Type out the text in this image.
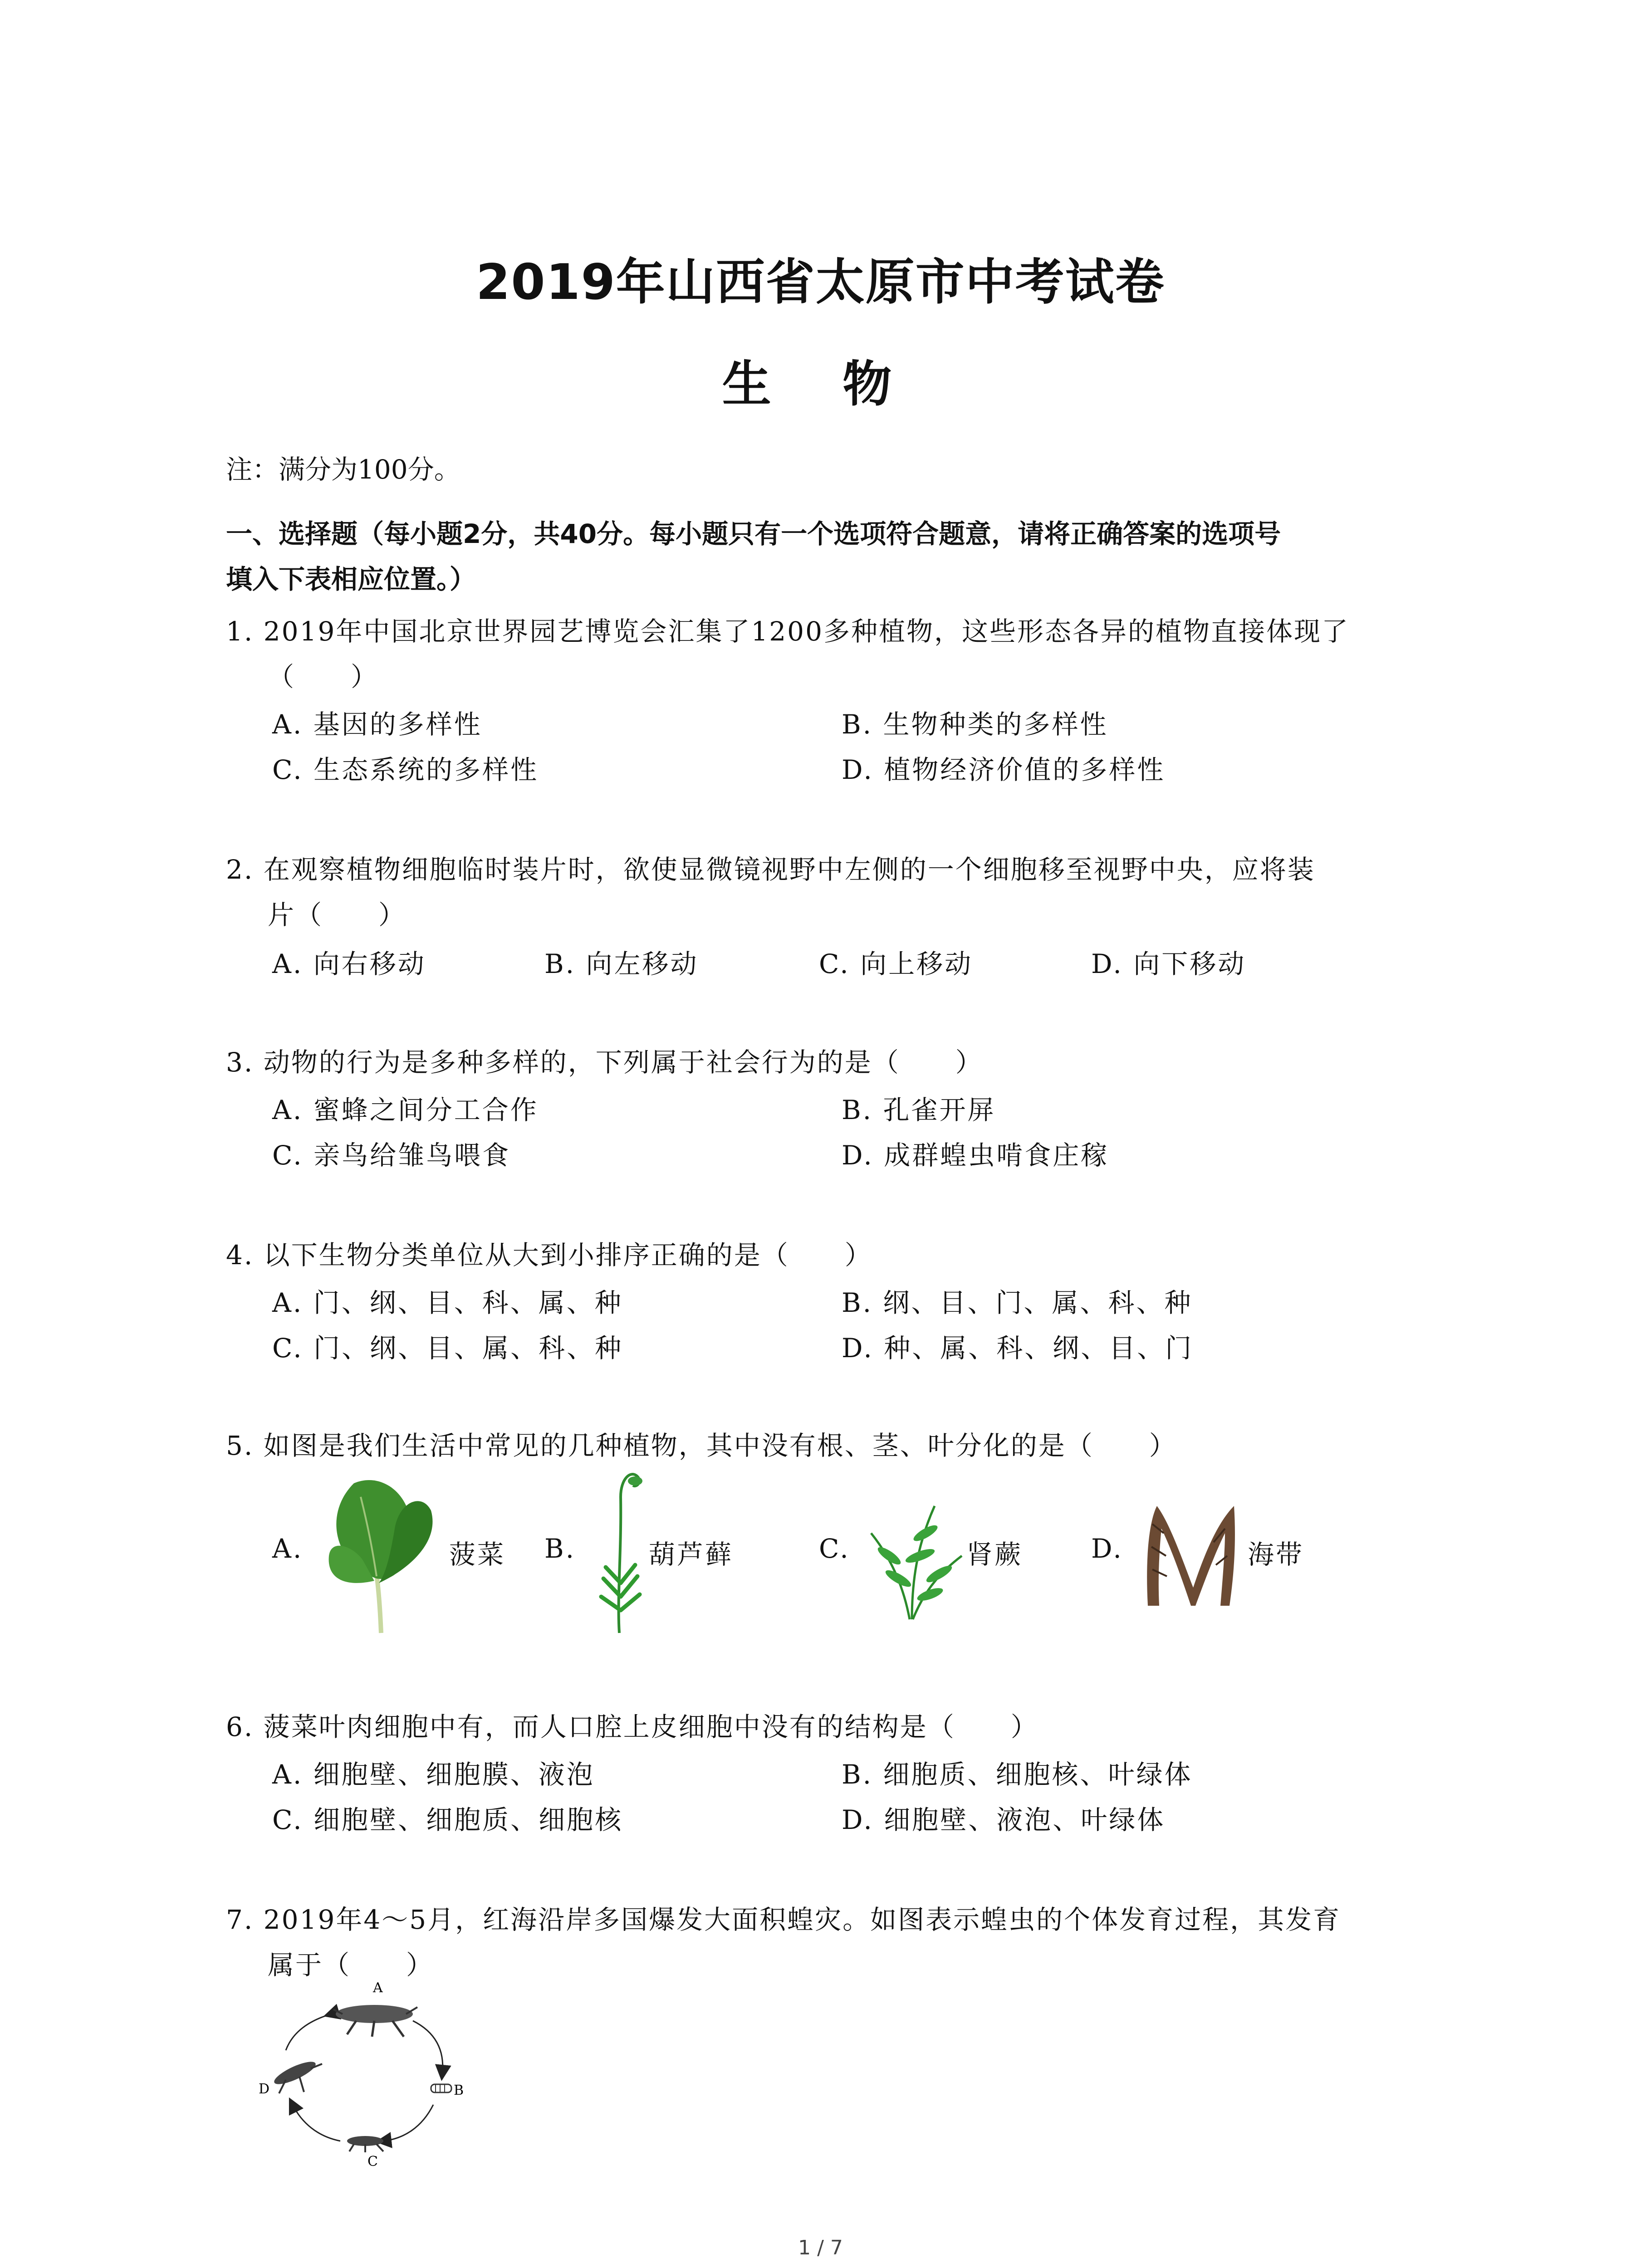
2019年山西省太原市中考试卷
生 物
注：满分为100分。
一、选择题（每小题2分，共40分。每小题只有一个选项符合题意，请将正确答案的选项号
填入下表相应位置。）
1. 2019年中国北京世界园艺博览会汇集了1200多种植物，这些形态各异的植物直接体现了
（　　）
A. 基因的多样性	B. 生物种类的多样性
C. 生态系统的多样性	D. 植物经济价值的多样性
2. 在观察植物细胞临时装片时，欲使显微镜视野中左侧的一个细胞移至视野中央，应将装
片（　　）
A. 向右移动	B. 向左移动	C. 向上移动	D. 向下移动
3. 动物的行为是多种多样的，下列属于社会行为的是（　　）
A. 蜜蜂之间分工合作	B. 孔雀开屏
C. 亲鸟给雏鸟喂食	D. 成群蝗虫啃食庄稼
4. 以下生物分类单位从大到小排序正确的是（　　）
A. 门、纲、目、科、属、种	B. 纲、目、门、属、科、种
C. 门、纲、目、属、科、种	D. 种、属、科、纲、目、门
5. 如图是我们生活中常见的几种植物，其中没有根、茎、叶分化的是（　　）
A.	菠菜 B.	葫芦藓	C.	肾蕨	D.	海带
6. 菠菜叶肉细胞中有，而人口腔上皮细胞中没有的结构是（　　）
A. 细胞壁、细胞膜、液泡	B. 细胞质、细胞核、叶绿体
C. 细胞壁、细胞质、细胞核	D. 细胞壁、液泡、叶绿体
7. 2019年4～5月，红海沿岸多国爆发大面积蝗灾。如图表示蝗虫的个体发育过程，其发育
属于（　　）
A
B
C
D
1 / 7
